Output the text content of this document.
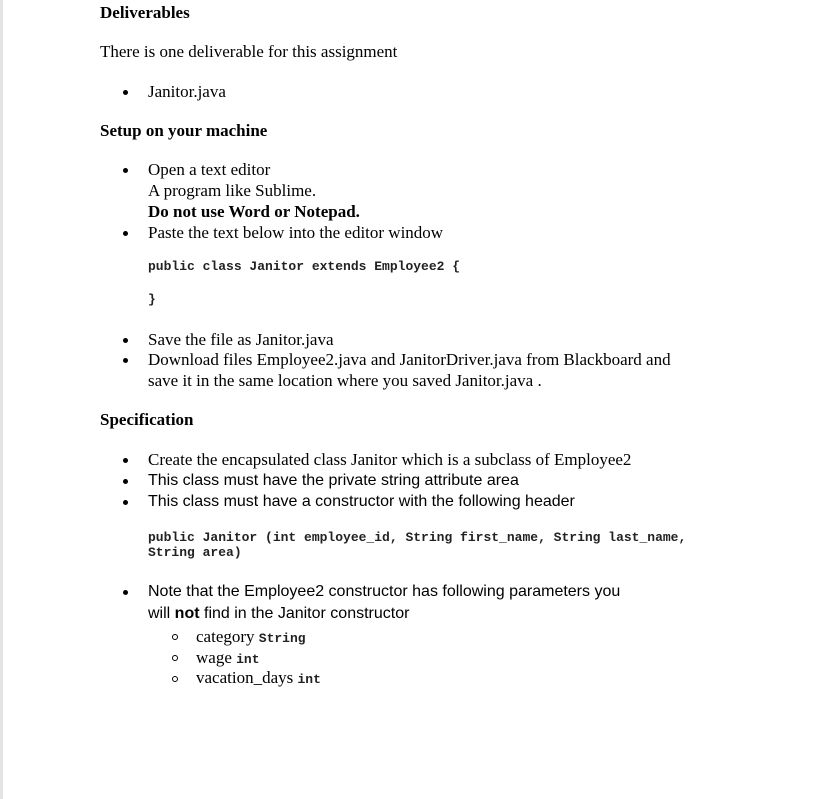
Deliverables
There is one deliverable for this assignment
Janitor.java
Setup on your machine
Open a text editor
A program like Sublime.
Do not use Word or Notepad.
Paste the text below into the editor window
public class Janitor extends Employee2 {
}
Save the file as Janitor.java
Download files Employee2.java and JanitorDriver.java from Blackboard and
save it in the same location where you saved Janitor.java .
Specification
Create the encapsulated class Janitor which is a subclass of Employee2
This class must have the private string attribute area
This class must have a constructor with the following header
public Janitor (int employee_id, String first_name, String last_name,
String area)
Note that the Employee2 constructor has following parameters you
will not find in the Janitor constructor
category String
wage int
vacation_days int
